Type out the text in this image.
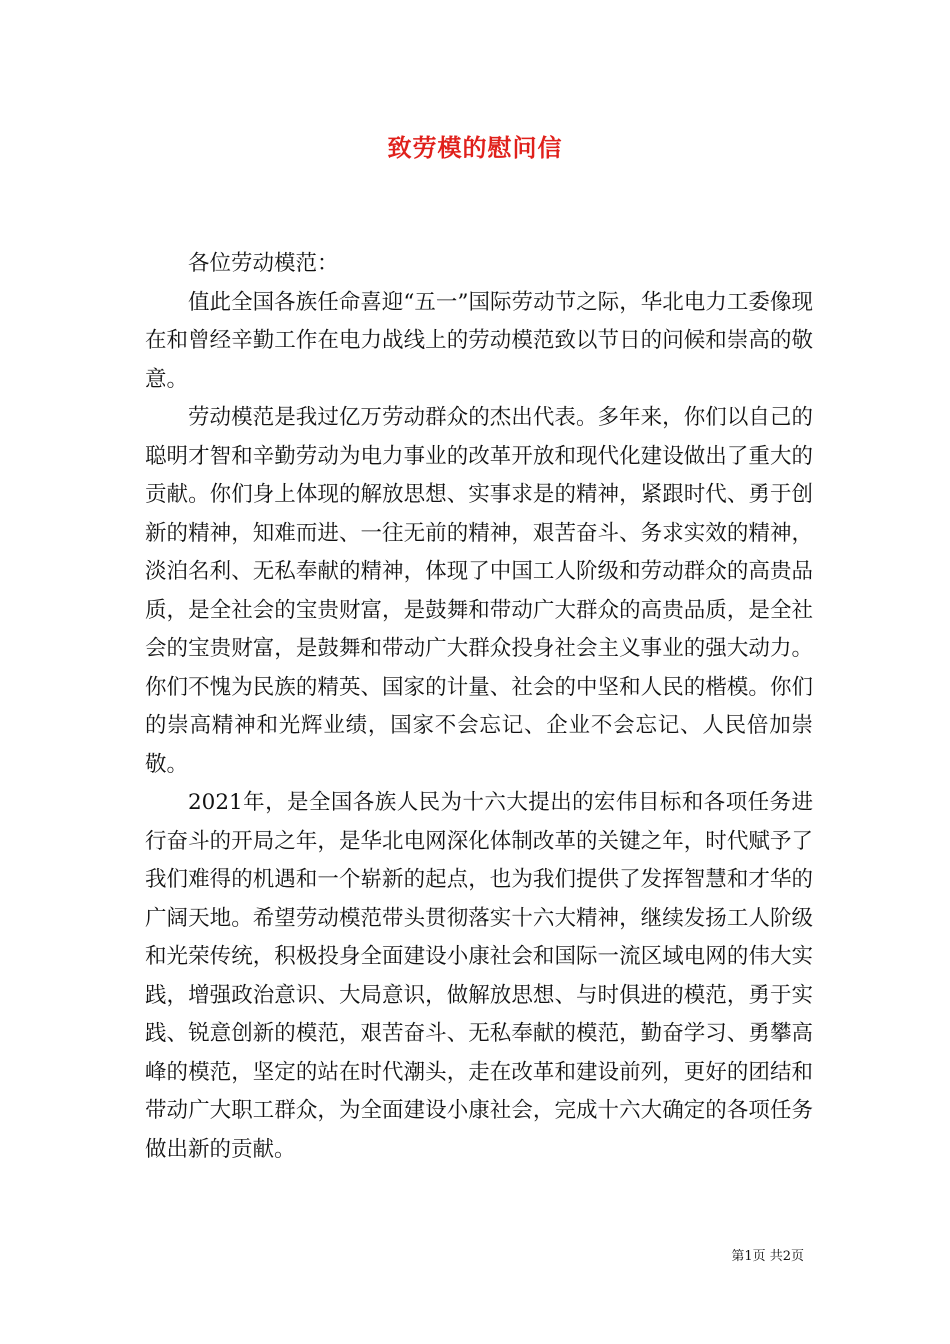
致劳模的慰问信

各位劳动模范：

值此全国各族任命喜迎“五一”国际劳动节之际，华北电力工委像现在和曾经辛勤工作在电力战线上的劳动模范致以节日的问候和崇高的敬意。

劳动模范是我过亿万劳动群众的杰出代表。多年来，你们以自己的聪明才智和辛勤劳动为电力事业的改革开放和现代化建设做出了重大的贡献。你们身上体现的解放思想、实事求是的精神，紧跟时代、勇于创新的精神，知难而进、一往无前的精神，艰苦奋斗、务求实效的精神，淡泊名利、无私奉献的精神，体现了中国工人阶级和劳动群众的高贵品质，是全社会的宝贵财富，是鼓舞和带动广大群众的高贵品质，是全社会的宝贵财富，是鼓舞和带动广大群众投身社会主义事业的强大动力。你们不愧为民族的精英、国家的计量、社会的中坚和人民的楷模。你们的崇高精神和光辉业绩，国家不会忘记、企业不会忘记、人民倍加崇敬。

2021年，是全国各族人民为十六大提出的宏伟目标和各项任务进行奋斗的开局之年，是华北电网深化体制改革的关键之年，时代赋予了我们难得的机遇和一个崭新的起点，也为我们提供了发挥智慧和才华的广阔天地。希望劳动模范带头贯彻落实十六大精神，继续发扬工人阶级和光荣传统，积极投身全面建设小康社会和国际一流区域电网的伟大实践，增强政治意识、大局意识，做解放思想、与时俱进的模范，勇于实践、锐意创新的模范，艰苦奋斗、无私奉献的模范，勤奋学习、勇攀高峰的模范，坚定的站在时代潮头，走在改革和建设前列，更好的团结和带动广大职工群众，为全面建设小康社会，完成十六大确定的各项任务做出新的贡献。

第1页 共2页
